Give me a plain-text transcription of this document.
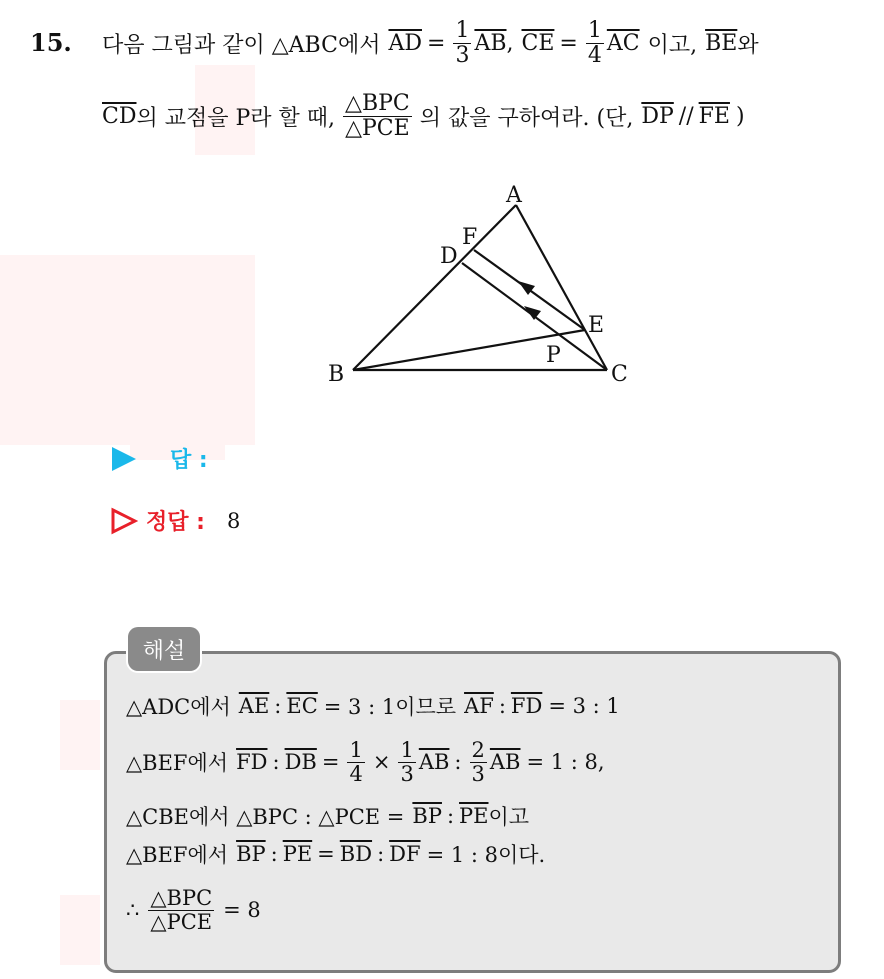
15. 다음 그림과 같이 △ABC에서 $\overline{AD} = \frac{1}{3} \overline{AB}$ , $\overline{CE} = \frac{1}{4} \overline{AC}$ 이고, $\overline{BE}$ 와
$\overline{CD}$ 의 교점을 P라 할 때, $\frac{\text{△BPC}}{\text{△PCE}}$ 의 값을 구하여라. (단, $\overline{DP} // \overline{FE}$ )
A
F
D
E
P
B	C
답 :
정답 : 8
해설
△ADC에서 $\overline{AE}$ : $\overline{EC} = 3$ : 1이므로 $\overline{AF}$ : $\overline{FD} = 3$ : 1
△BEF에서 $\overline{FD}$ : $\overline{DB} = \frac{1}{4} \times \frac{1}{3} \overline{AB}$ : $\frac{2}{3} \overline{AB} = 1$ : 8,
△CBE에서 △BPC : △PCE = $\overline{BP}$ : $\overline{PE}$ 이고
△BEF에서 $\overline{BP}$ : $\overline{PE} = \overline{BD}$ : $\overline{DF} = 1$ : 8이다.
∴ $\frac{\text{△BPC}}{\text{△PCE}} = 8$
